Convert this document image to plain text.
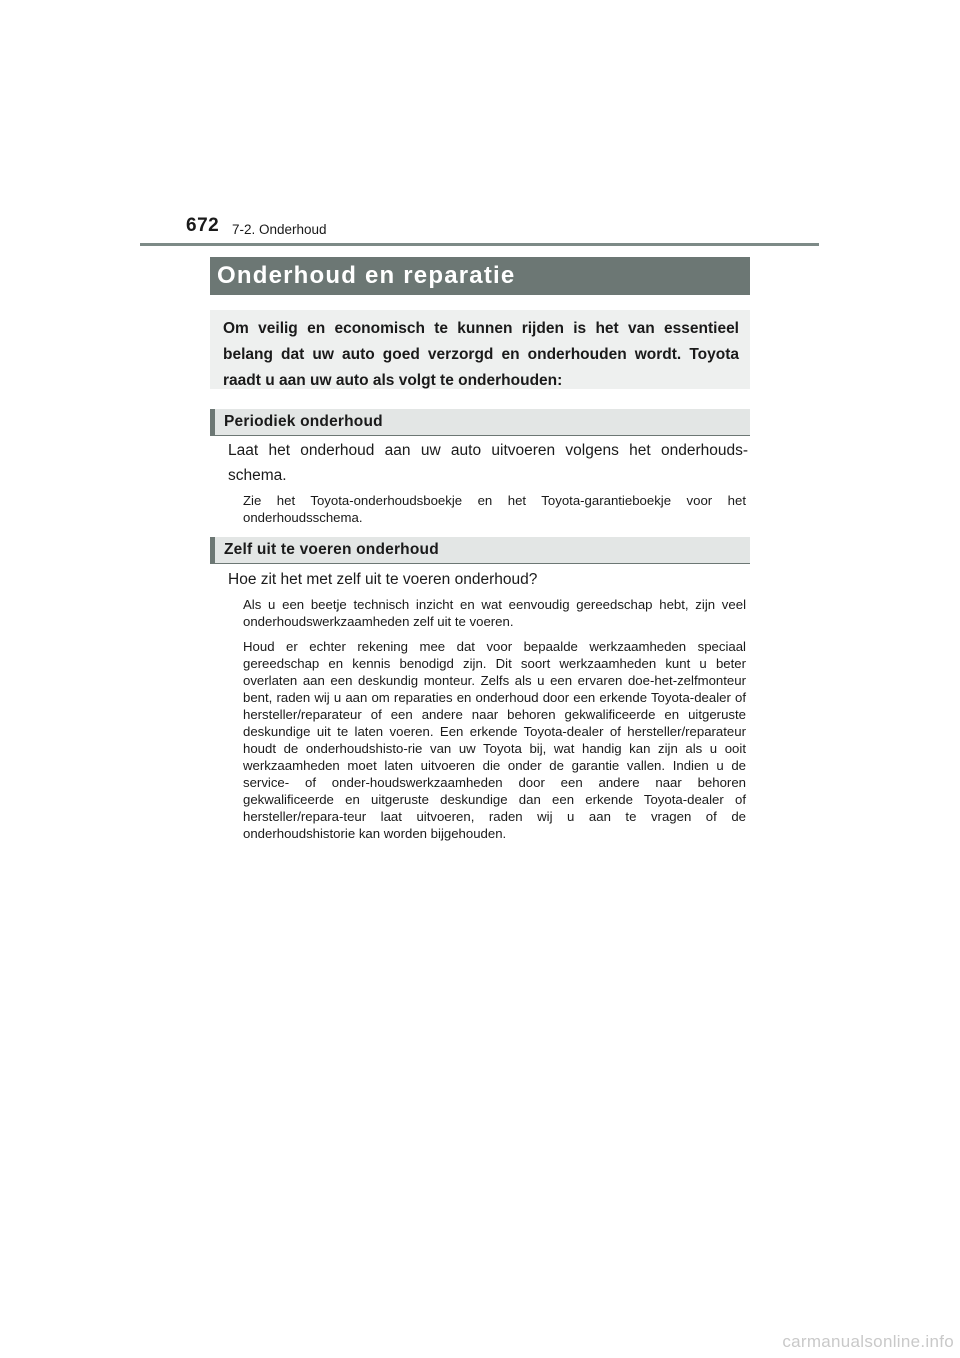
672 7-2. Onderhoud
Onderhoud en reparatie
Om veilig en economisch te kunnen rijden is het van essentieel belang dat uw auto goed verzorgd en onderhouden wordt. Toyota raadt u aan uw auto als volgt te onderhouden:
Periodiek onderhoud
Laat het onderhoud aan uw auto uitvoeren volgens het onderhouds-schema.
Zie het Toyota-onderhoudsboekje en het Toyota-garantieboekje voor het onderhoudsschema.
Zelf uit te voeren onderhoud
Hoe zit het met zelf uit te voeren onderhoud?
Als u een beetje technisch inzicht en wat eenvoudig gereedschap hebt, zijn veel onderhoudswerkzaamheden zelf uit te voeren.
Houd er echter rekening mee dat voor bepaalde werkzaamheden speciaal gereedschap en kennis benodigd zijn. Dit soort werkzaamheden kunt u beter overlaten aan een deskundig monteur. Zelfs als u een ervaren doe-het-zelfmonteur bent, raden wij u aan om reparaties en onderhoud door een erkende Toyota-dealer of hersteller/reparateur of een andere naar behoren gekwalificeerde en uitgeruste deskundige uit te laten voeren. Een erkende Toyota-dealer of hersteller/reparateur houdt de onderhoudshisto-rie van uw Toyota bij, wat handig kan zijn als u ooit werkzaamheden moet laten uitvoeren die onder de garantie vallen. Indien u de service- of onder-houdswerkzaamheden door een andere naar behoren gekwalificeerde en uitgeruste deskundige dan een erkende Toyota-dealer of hersteller/repara-teur laat uitvoeren, raden wij u aan te vragen of de onderhoudshistorie kan worden bijgehouden.
carmanualsonline.info
